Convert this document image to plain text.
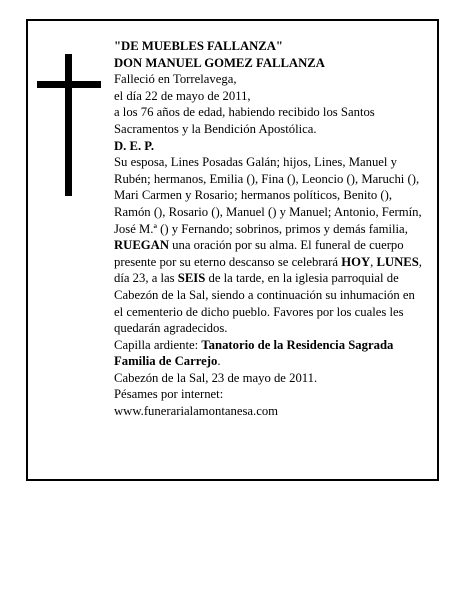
"DE MUEBLES FALLANZA"

DON MANUEL GOMEZ FALLANZA

Falleció en Torrelavega,

el día 22 de mayo de 2011,

a los 76 años de edad, habiendo recibido los Santos Sacramentos y la Bendición Apostólica.

D. E. P.

Su esposa, Lines Posadas Galán; hijos, Lines, Manuel y Rubén; hermanos, Emilia (), Fina (), Leoncio (), Maruchi (), Mari Carmen y Rosario; hermanos políticos, Benito (), Ramón (), Rosario (), Manuel () y Manuel; Antonio, Fermín, José M.ª () y Fernando; sobrinos, primos y demás familia,

RUEGAN una oración por su alma. El funeral de cuerpo presente por su eterno descanso se celebrará HOY, LUNES, día 23, a las SEIS de la tarde, en la iglesia parroquial de Cabezón de la Sal, siendo a continuación su inhumación en el cementerio de dicho pueblo. Favores por los cuales les quedarán agradecidos.

Capilla ardiente: Tanatorio de la Residencia Sagrada Familia de Carrejo.

Cabezón de la Sal, 23 de mayo de 2011.

Pésames por internet:

www.funerarialamontanesa.com
